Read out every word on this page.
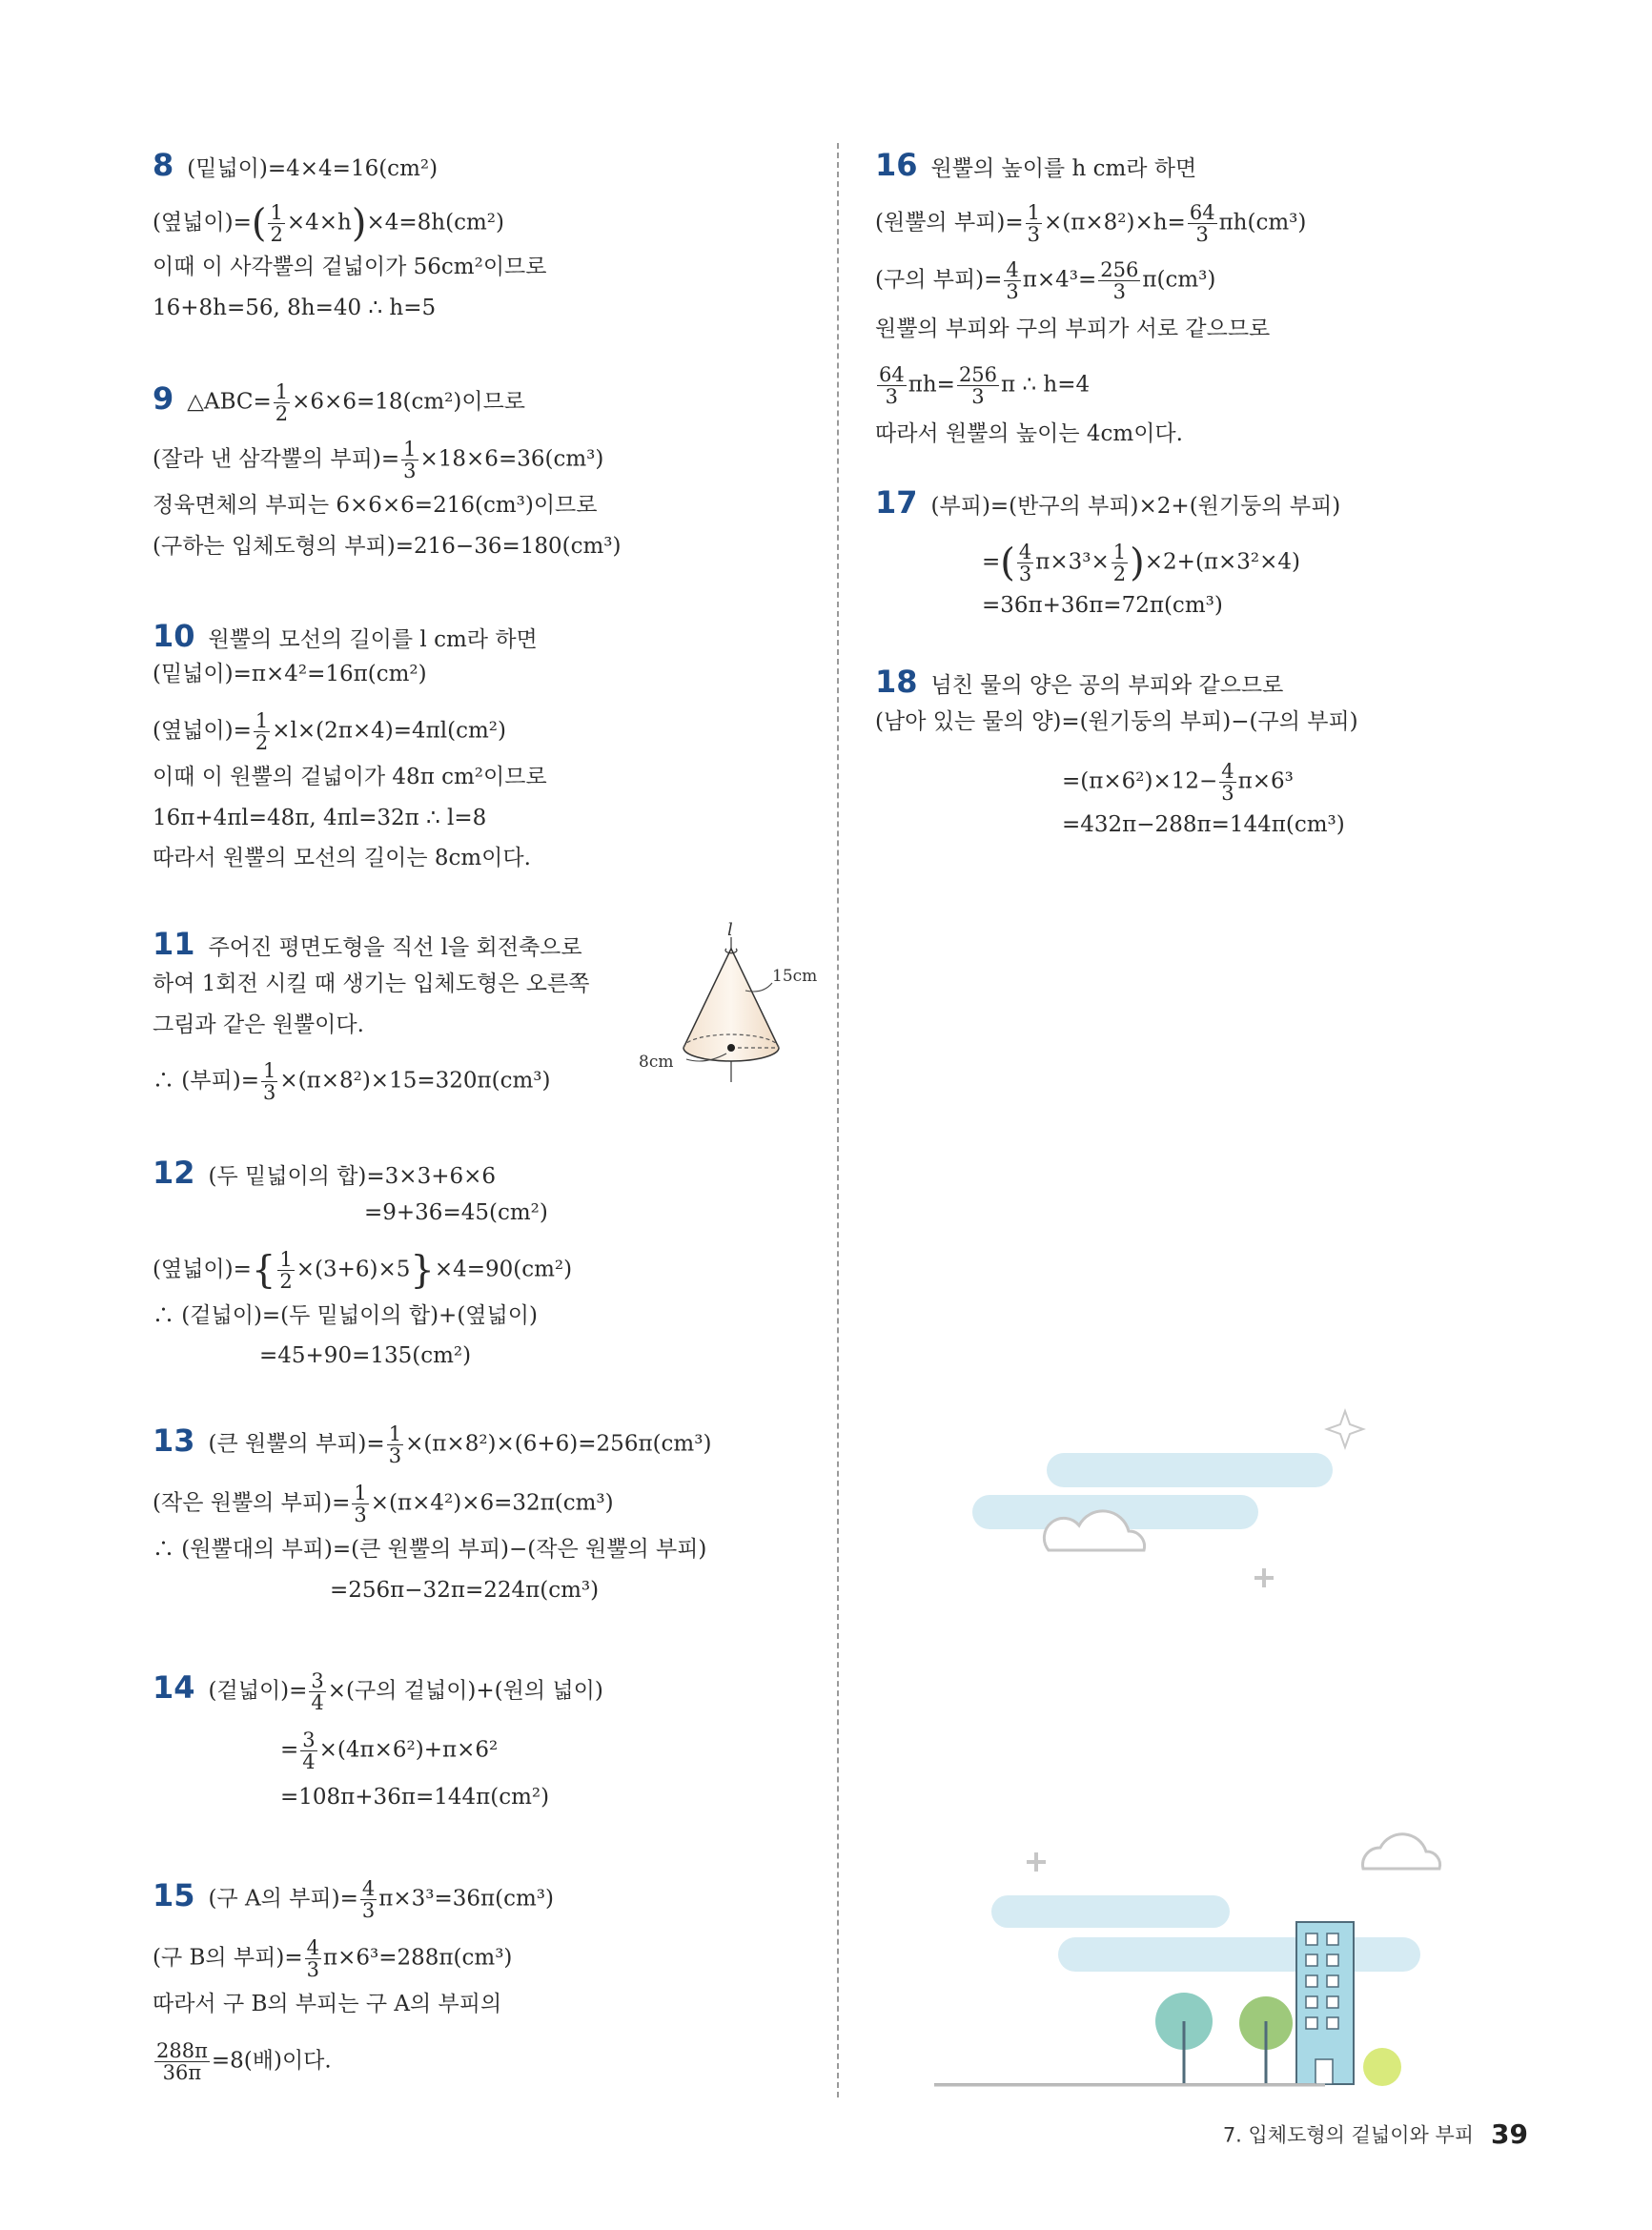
8 (밑넓이)=4×4=16(cm²)
(옆넓이)=( $\frac{1}{2} \times 4\times h)\times 4=8h(cm^2)$
이때 이 사각뿔의 겉넓이가 56cm²이므로
16+8h=56, 8h=40 ∴ h=5
9 △ABC= $\frac{1}{2} \times 6\times 6=18(cm^2)$이므로
(잘라 낸 삼각뿔의 부피)= $\frac{1}{3} \times 18\times 6=36(cm^3)$
정육면체의 부피는 6×6×6=216(cm³)이므로
(구하는 입체도형의 부피)=216−36=180(cm³)
10 원뿔의 모선의 길이를 l cm라 하면
(밑넓이)=π×4²=16π(cm²)
(옆넓이)= $\frac{1}{2} \times l\times(2\pi\times 4)=4\pi l(cm^2)$
이때 이 원뿔의 겉넓이가 48π cm²이므로
16π+4πl=48π, 4πl=32π ∴ l=8
따라서 원뿔의 모선의 길이는 8cm이다.
11 주어진 평면도형을 직선 l을 회전축으로
하여 1회전 시킬 때 생기는 입체도형은 오른쪽
그림과 같은 원뿔이다.
∴ (부피)= $\frac{1}{3} \times(\pi\times 8^2)\times 15=320\pi(cm^3)$
l
15cm
8cm
12 (두 밑넓이의 합)=3×3+6×6
=9+36=45(cm²)
(옆넓이)={ $\frac{1}{2} \times(3+6)\times 5\}\times 4=90(cm^2)$
∴ (겉넓이)=(두 밑넓이의 합)+(옆넓이)
=45+90=135(cm²)
13 (큰 원뿔의 부피)= $\frac{1}{3} \times(\pi\times 8^2)\times(6+6)=256\pi(cm^3)$
(작은 원뿔의 부피)= $\frac{1}{3} \times(\pi\times 4^2)\times 6=32\pi(cm^3)$
∴ (원뿔대의 부피)=(큰 원뿔의 부피)−(작은 원뿔의 부피)
=256π−32π=224π(cm³)
14 (겉넓이)= $\frac{3}{4}$ ×(구의 겉넓이)+(원의 넓이)
= $\frac{3}{4} \times(4\pi\times 6^2)+\pi\times 6^2$
=108π+36π=144π(cm²)
15 (구 A의 부피)= $\frac{4}{3} \pi\times 3^3=36\pi(cm^3)$
(구 B의 부피)= $\frac{4}{3} \pi\times 6^3=288\pi(cm^3)$
따라서 구 B의 부피는 구 A의 부피의
$\frac{288\pi}{36\pi} =8$(배)이다.
16 원뿔의 높이를 h cm라 하면
(원뿔의 부피)= $\frac{1}{3} \times(\pi\times 8^2)\times h= \frac{64}{3} \pi h(cm^3)$
(구의 부피)= $\frac{4}{3} \pi\times 4^3= \frac{256}{3} \pi(cm^3)$
원뿔의 부피와 구의 부피가 서로 같으므로
$\frac{64}{3} \pi h= \frac{256}{3}$ π ∴ h=4
따라서 원뿔의 높이는 4cm이다.
17 (부피)=(반구의 부피)×2+(원기둥의 부피)
=( $\frac{4}{3} \pi\times 3^3\times \frac{1}{2} )\times 2+(\pi\times 3^2\times 4)$
=36π+36π=72π(cm³)
18 넘친 물의 양은 공의 부피와 같으므로
(남아 있는 물의 양)=(원기둥의 부피)−(구의 부피)
$=(\pi\times 6^2)\times 12- \frac{4}{3} \pi\times 6^3$
=432π−288π=144π(cm³)
7. 입체도형의 겉넓이와 부피 39
